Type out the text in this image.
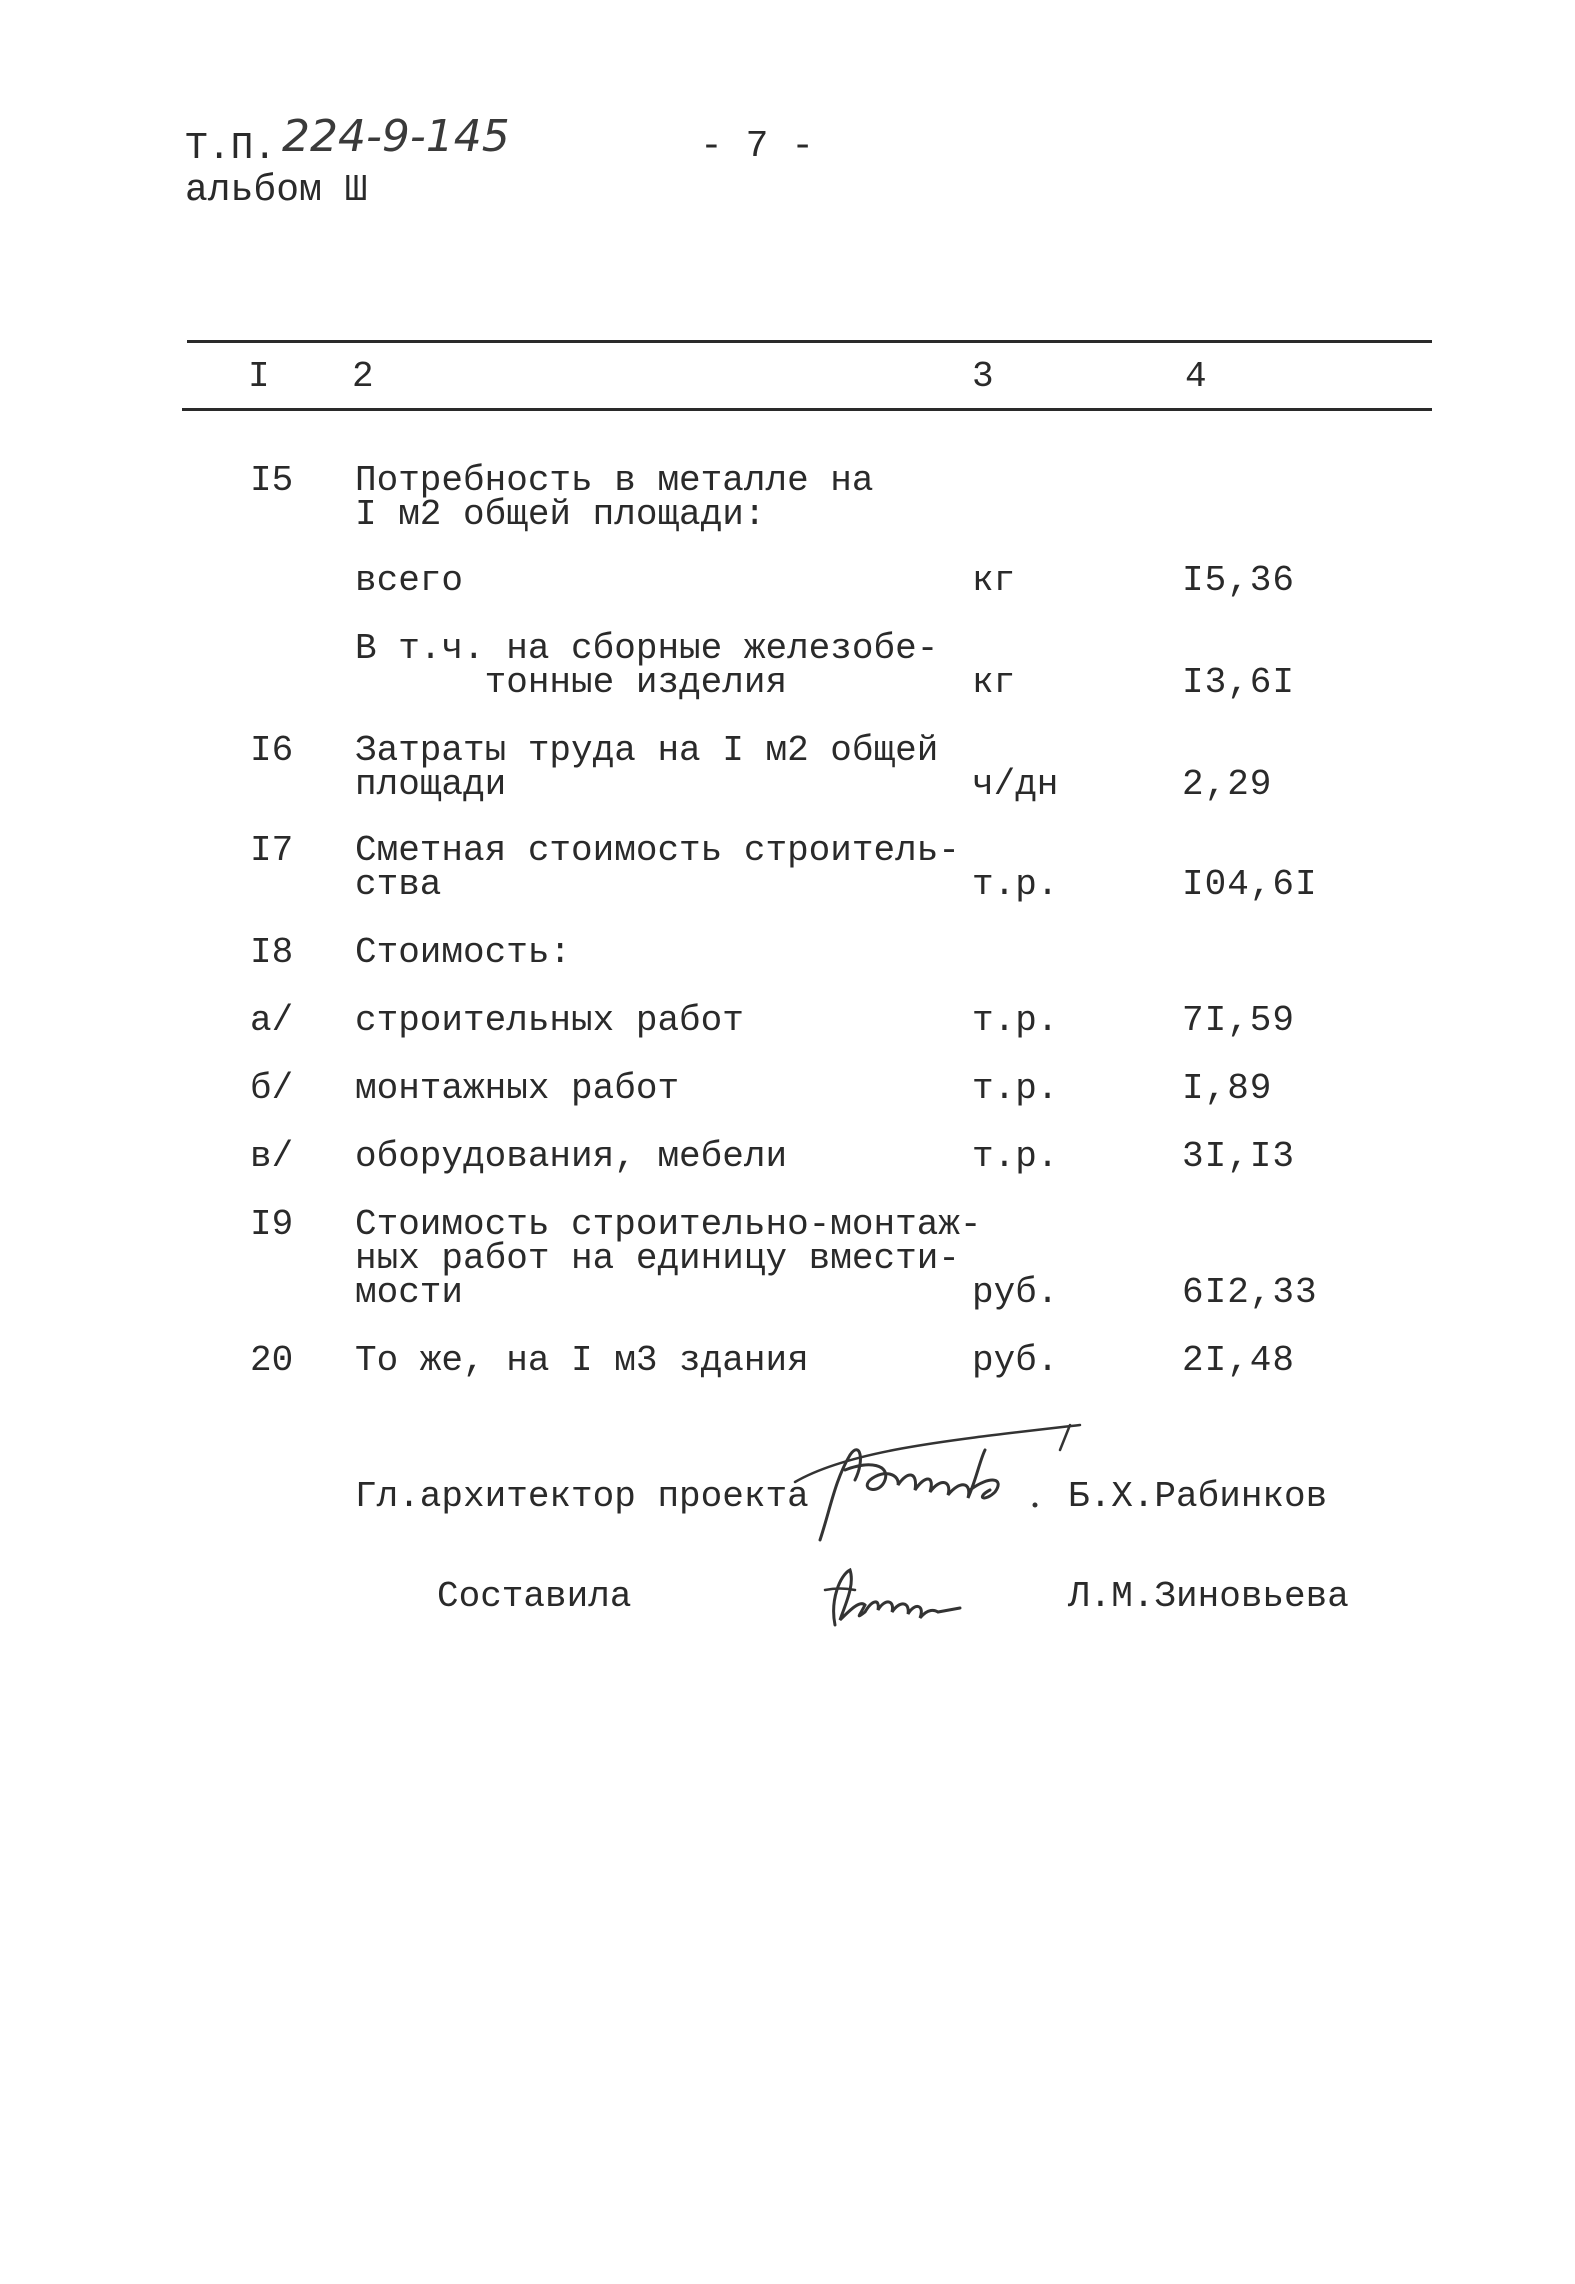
Т.П. 224-9-145	- 7 -
альбом Ш
I 2	3	4
I5 Потребность в металле на
I м2 общей площади:
всего	кг	I5,36
В т.ч. на сборные железобе-
тонные изделия	кг	I3,6I
I6 Затраты труда на I м2 общей
площади	ч/дн	2,29
I7 Сметная стоимость строитель-
ства	т.р.	I04,6I
I8 Стоимость:
а/ строительных работ	т.р.	7I,59
б/ монтажных работ	т.р.	I,89
в/ оборудования, мебели	т.р.	3I,I3
I9 Стоимость строительно-монтаж-
ных работ на единицу вмести-
мости	руб.	6I2,33
20 То же, на I м3 здания	руб.	2I,48
Гл.архитектор проекта	Б.Х.Рабинков
Составила	Л.М.Зиновьева
